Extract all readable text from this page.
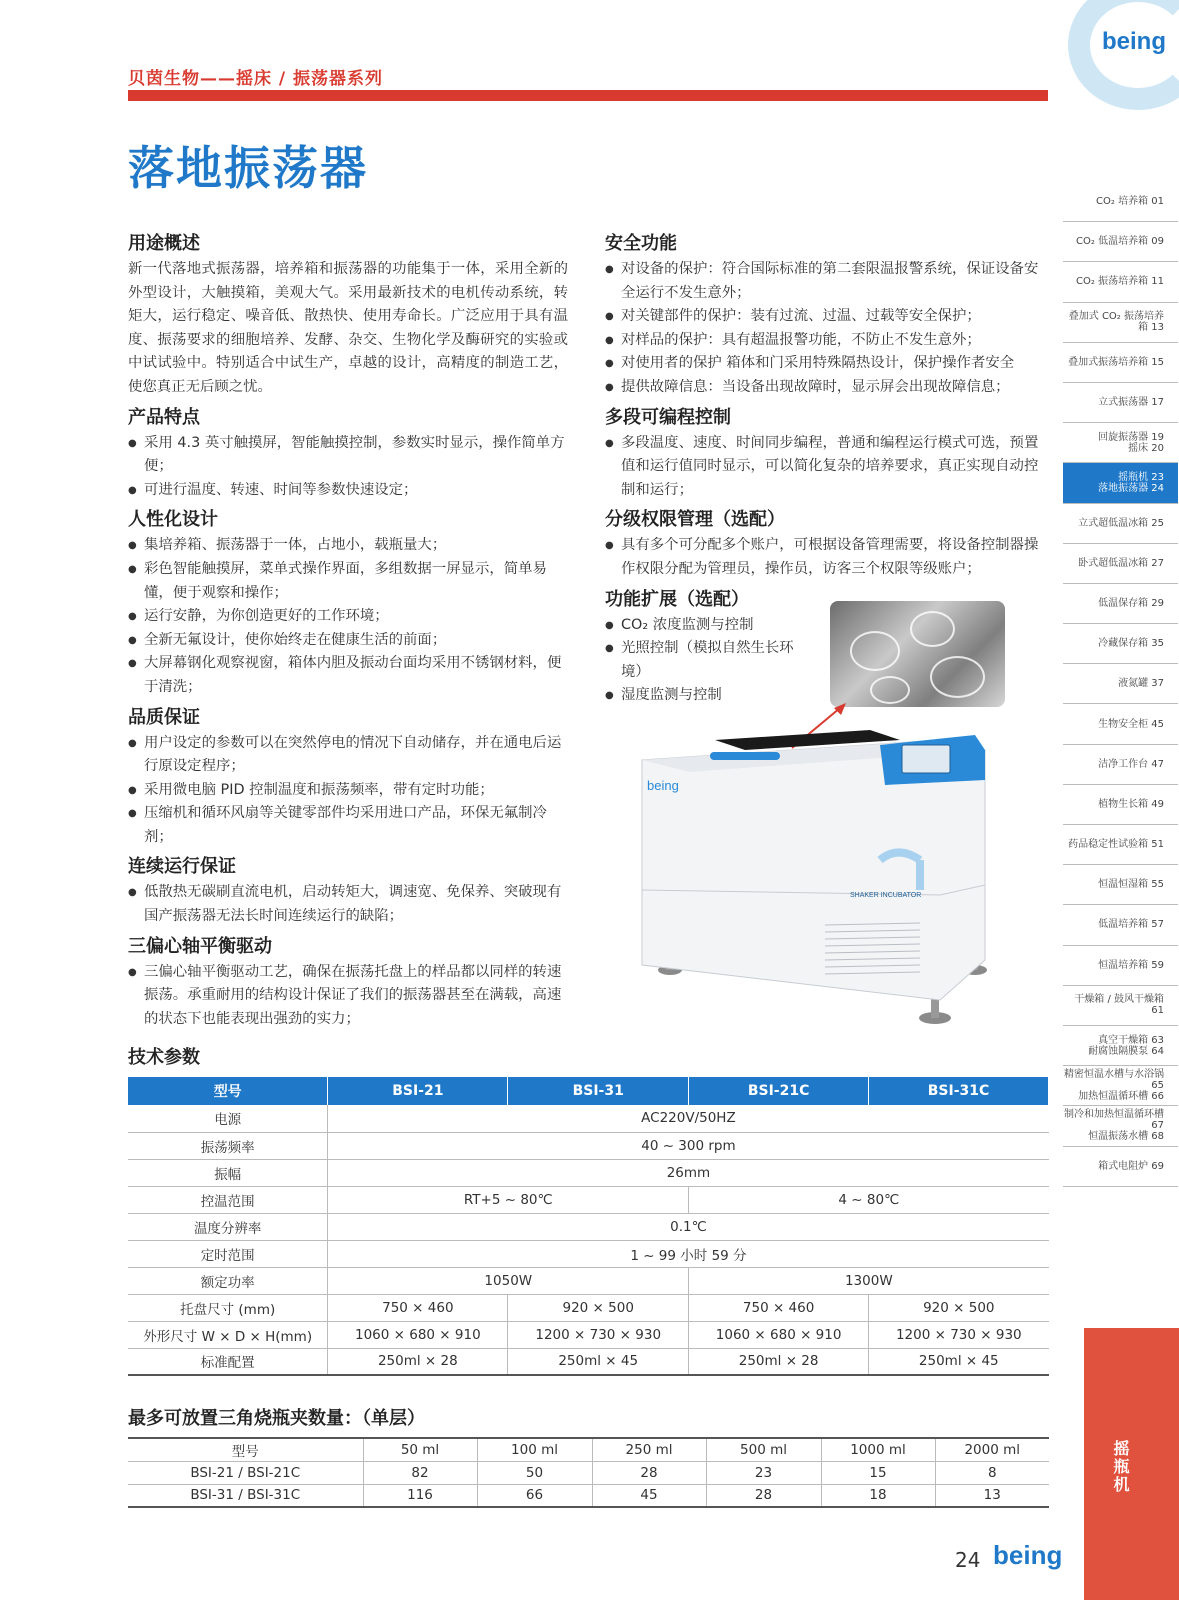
贝茵生物——摇床 / 振荡器系列
落地振荡器
being
CO₂ 培养箱 01
CO₂ 低温培养箱 09
CO₂ 振荡培养箱 11
叠加式 CO₂ 振荡培养箱 13
叠加式振荡培养箱 15
立式振荡器 17
回旋振荡器 19
摇床 20
摇瓶机 23
落地振荡器 24
立式超低温冰箱 25
卧式超低温冰箱 27
低温保存箱 29
冷藏保存箱 35
液氮罐 37
生物安全柜 45
洁净工作台 47
植物生长箱 49
药品稳定性试验箱 51
恒温恒湿箱 55
低温培养箱 57
恒温培养箱 59
干燥箱 / 鼓风干燥箱 61
真空干燥箱 63
耐腐蚀隔膜泵 64
精密恒温水槽与水浴锅 65
加热恒温循环槽 66
制冷和加热恒温循环槽 67
恒温振荡水槽 68
箱式电阻炉 69
摇瓶机
用途概述
新一代落地式振荡器，培养箱和振荡器的功能集于一体，采用全新的外型设计，大触摸箱，美观大气。采用最新技术的电机传动系统，转矩大，运行稳定、噪音低、散热快、使用寿命长。广泛应用于具有温度、振荡要求的细胞培养、发酵、杂交、生物化学及酶研究的实验或中试试验中。特别适合中试生产，卓越的设计，高精度的制造工艺，使您真正无后顾之忧。
产品特点
● 采用 4.3 英寸触摸屏，智能触摸控制，参数实时显示，操作简单方便；
● 可进行温度、转速、时间等参数快速设定；
人性化设计
● 集培养箱、振荡器于一体，占地小，载瓶量大；
● 彩色智能触摸屏，菜单式操作界面，多组数据一屏显示，简单易懂，便于观察和操作；
● 运行安静，为你创造更好的工作环境；
● 全新无氟设计，使你始终走在健康生活的前面；
● 大屏幕钢化观察视窗，箱体内胆及振动台面均采用不锈钢材料，便于清洗；
品质保证
● 用户设定的参数可以在突然停电的情况下自动储存，并在通电后运行原设定程序；
● 采用微电脑 PID 控制温度和振荡频率，带有定时功能；
● 压缩机和循环风扇等关键零部件均采用进口产品，环保无氟制冷剂；
连续运行保证
● 低散热无碳刷直流电机，启动转矩大，调速宽、免保养、突破现有国产振荡器无法长时间连续运行的缺陷；
三偏心轴平衡驱动
● 三偏心轴平衡驱动工艺，确保在振荡托盘上的样品都以同样的转速振荡。承重耐用的结构设计保证了我们的振荡器甚至在满载，高速的状态下也能表现出强劲的实力；
安全功能
● 对设备的保护：符合国际标准的第二套限温报警系统，保证设备安全运行不发生意外；
● 对关键部件的保护：装有过流、过温、过载等安全保护；
● 对样品的保护：具有超温报警功能，不防止不发生意外；
● 对使用者的保护 箱体和门采用特殊隔热设计，保护操作者安全
● 提供故障信息：当设备出现故障时，显示屏会出现故障信息；
多段可编程控制
● 多段温度、速度、时间同步编程，普通和编程运行模式可选，预置值和运行值同时显示，可以简化复杂的培养要求，真正实现自动控制和运行；
分级权限管理（选配）
● 具有多个可分配多个账户，可根据设备管理需要，将设备控制器操作权限分配为管理员，操作员，访客三个权限等级账户；
功能扩展（选配）
● CO₂ 浓度监测与控制
● 光照控制（模拟自然生长环境）
● 湿度监测与控制
being
SHAKER INCUBATOR
技术参数
型号	BSI-21	BSI-31	BSI-21C	BSI-31C
电源	AC220V/50HZ			
振荡频率	40 ~ 300 rpm			
振幅	26mm			
控温范围	RT+5 ~ 80℃		4 ~ 80℃	
温度分辨率	0.1℃			
定时范围	1 ~ 99 小时 59 分			
额定功率	1050W		1300W	
托盘尺寸 (mm)	750 × 460	920 × 500	750 × 460	920 × 500
外形尺寸 W × D × H(mm)	1060 × 680 × 910	1200 × 730 × 930	1060 × 680 × 910	1200 × 730 × 930
标准配置	250ml × 28	250ml × 45	250ml × 28	250ml × 45
最多可放置三角烧瓶夹数量：（单层）
型号	50 ml	100 ml	250 ml	500 ml	1000 ml	2000 ml
BSI-21 / BSI-21C	82	50	28	23	15	8
BSI-31 / BSI-31C	116	66	45	28	18	13
24 being
